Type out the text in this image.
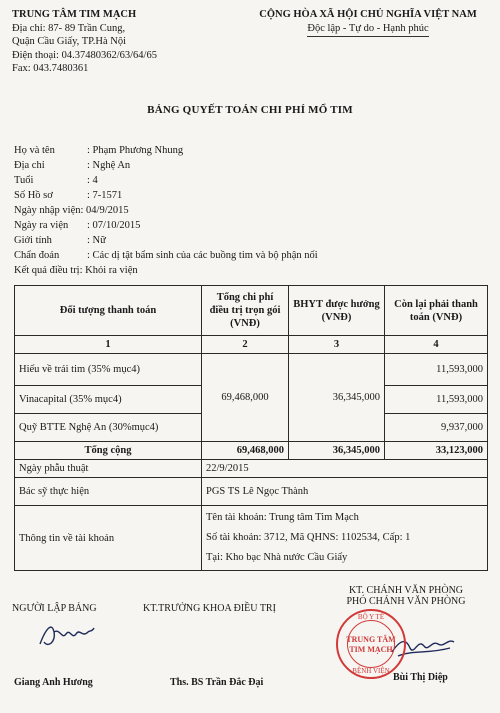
TRUNG TÂM TIM MẠCH
Địa chỉ: 87- 89 Trần Cung,
Quận Cầu Giấy, TP.Hà Nội
Điện thoại: 04.37480362/63/64/65
Fax: 043.7480361
CỘNG HÒA XÃ HỘI CHỦ NGHĨA VIỆT NAM
Độc lập - Tự do - Hạnh phúc
BẢNG QUYẾT TOÁN CHI PHÍ MỔ TIM
Họ và tên	: Phạm Phương Nhung
Địa chỉ	: Nghệ An
Tuổi	: 4
Số Hồ sơ	: 7-1571
Ngày nhập viện: 04/9/2015
Ngày ra viện : 07/10/2015
Giới tính	: Nữ
Chẩn đoán	: Các dị tật bẩm sinh của các buồng tim và bộ phận nối
Kết quả điều trị: Khỏi ra viện
Đối tượng thanh toán	Tổng chi phí điều trị trọn gói (VNĐ)	BHYT được hưởng (VNĐ)	Còn lại phải thanh toán (VNĐ)
1	2	3	4
Hiếu về trái tim (35% mục4)	69,468,000	36,345,000	11,593,000
Vinacapital (35% mục4)			11,593,000
Quỹ BTTE Nghệ An (30%mục4)			9,937,000
Tổng cộng	69,468,000	36,345,000	33,123,000
Ngày phẫu thuật	22/9/2015		
Bác sỹ thực hiện	PGS TS Lê Ngọc Thành		
Thông tin về tài khoản	Tên tài khoản: Trung tâm Tim Mạch
Số tài khoản: 3712, Mã QHNS: 1102534, Cấp: 1
Tại: Kho bạc Nhà nước Cầu Giấy		
NGƯỜI LẬP BẢNG	KT.TRƯỞNG KHOA ĐIỀU TRỊ
KT. CHÁNH VĂN PHÒNG
PHÓ CHÁNH VĂN PHÒNG
BỘ Y TẾ
TRUNG TÂM
TIM MẠCH
BỆNH VIỆN
Giang Anh Hương	Ths. BS Trần Đắc Đại	Bùi Thị Diệp
